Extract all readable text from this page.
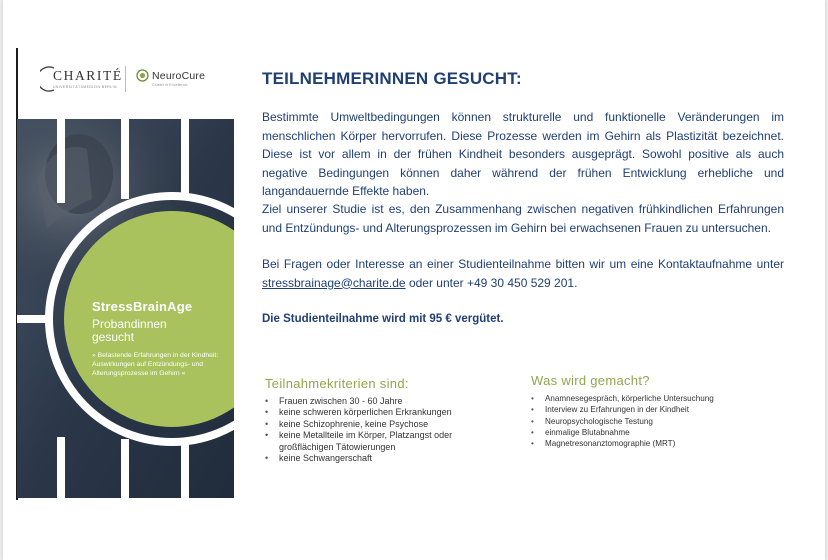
CHARITÉ
UNIVERSITÄTSMEDIZIN BERLIN
NeuroCure
Cluster of Excellence
StressBrainAge
Probandinnen
gesucht
» Belastende Erfahrungen in der Kindheit: Auswirkungen auf Entzündungs- und Alterungsprozesse im Gehirn «
TEILNEHMERINNEN GESUCHT:

Bestimmte Umweltbedingungen können strukturelle und funktionelle Veränderungen im menschlichen Körper hervorrufen. Diese Prozesse werden im Gehirn als Plastizität bezeichnet. Diese ist vor allem in der frühen Kindheit besonders ausgeprägt. Sowohl positive als auch negative Bedingungen können daher während der frühen Entwicklung erhebliche und langandauernde Effekte haben.

Ziel unserer Studie ist es, den Zusammenhang zwischen negativen frühkindlichen Erfahrungen und Entzündungs- und Alterungsprozessen im Gehirn bei erwachsenen Frauen zu untersuchen.

Bei Fragen oder Interesse an einer Studienteilnahme bitten wir um eine Kontaktaufnahme unter stressbrainage@charite.de oder unter +49 30 450 529 201.

Die Studienteilnahme wird mit 95 € vergütet.
Teilnahmekriterien sind:
• Frauen zwischen 30 - 60 Jahre
• keine schweren körperlichen Erkrankungen
• keine Schizophrenie, keine Psychose
• keine Metallteile im Körper, Platzangst oder großflächigen Tätowierungen
• keine Schwangerschaft
Was wird gemacht?
• Anamnesegespräch, körperliche Untersuchung
• Interview zu Erfahrungen in der Kindheit
• Neuropsychologische Testung
• einmalige Blutabnahme
• Magnetresonanztomographie (MRT)
